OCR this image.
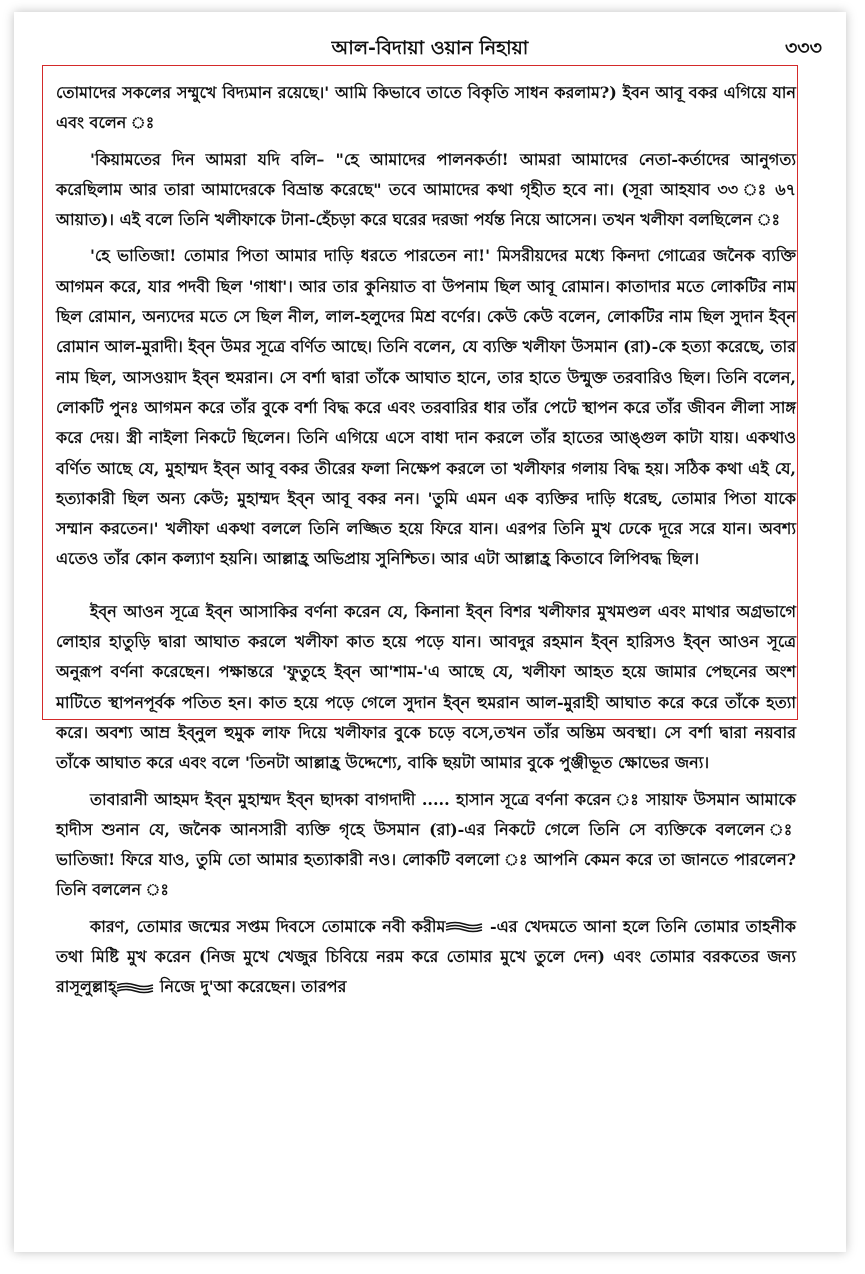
আল-বিদায়া ওয়ান নিহায়া	৩৩৩

তোমাদের সকলের সম্মুখে বিদ্যমান রয়েছে।' আমি কিভাবে তাতে বিকৃতি সাধন করলাম?) ইবন আবূ বকর এগিয়ে যান এবং বলেন ঃ

'কিয়ামতের দিন আমরা যদি বলি– "হে আমাদের পালনকর্তা! আমরা আমাদের নেতা-কর্তাদের আনুগত্য করেছিলাম আর তারা আমাদেরকে বিভ্রান্ত করেছে" তবে আমাদের কথা গৃহীত হবে না। (সূরা আহযাব ৩৩ ঃ ৬৭ আয়াত)। এই বলে তিনি খলীফাকে টানা-হেঁচড়া করে ঘরের দরজা পর্যন্ত নিয়ে আসেন। তখন খলীফা বলছিলেন ঃ

'হে ভাতিজা! তোমার পিতা আমার দাড়ি ধরতে পারতেন না!' মিসরীয়দের মধ্যে কিনদা গোত্রের জনৈক ব্যক্তি আগমন করে, যার পদবী ছিল 'গাধা'। আর তার কুনিয়াত বা উপনাম ছিল আবূ রোমান। কাতাদার মতে লোকটির নাম ছিল রোমান, অন্যদের মতে সে ছিল নীল, লাল-হলুদের মিশ্র বর্ণের। কেউ কেউ বলেন, লোকটির নাম ছিল সুদান ইব্ন রোমান আল-মুরাদী। ইব্ন উমর সূত্রে বর্ণিত আছে। তিনি বলেন, যে ব্যক্তি খলীফা উসমান (রা)-কে হত্যা করেছে, তার নাম ছিল, আসওয়াদ ইব্ন হুমরান। সে বর্শা দ্বারা তাঁকে আঘাত হানে, তার হাতে উন্মুক্ত তরবারিও ছিল। তিনি বলেন, লোকটি পুনঃ আগমন করে তাঁর বুকে বর্শা বিদ্ধ করে এবং তরবারির ধার তাঁর পেটে স্থাপন করে তাঁর জীবন লীলা সাঙ্গ করে দেয়। স্ত্রী নাইলা নিকটে ছিলেন। তিনি এগিয়ে এসে বাধা দান করলে তাঁর হাতের আঙ্গুল কাটা যায়। একথাও বর্ণিত আছে যে, মুহাম্মদ ইব্ন আবূ বকর তীরের ফলা নিক্ষেপ করলে তা খলীফার গলায় বিদ্ধ হয়। সঠিক কথা এই যে, হত্যাকারী ছিল অন্য কেউ; মুহাম্মদ ইব্ন আবূ বকর নন। 'তুমি এমন এক ব্যক্তির দাড়ি ধরেছ, তোমার পিতা যাকে সম্মান করতেন।' খলীফা একথা বললে তিনি লজ্জিত হয়ে ফিরে যান। এরপর তিনি মুখ ঢেকে দূরে সরে যান। অবশ্য এতেও তাঁর কোন কল্যাণ হয়নি। আল্লাহ্র অভিপ্রায় সুনিশ্চিত। আর এটা আল্লাহ্র কিতাবে লিপিবদ্ধ ছিল।

ইব্ন আওন সূত্রে ইব্ন আসাকির বর্ণনা করেন যে, কিনানা ইব্ন বিশর খলীফার মুখমণ্ডল এবং মাথার অগ্রভাগে লোহার হাতুড়ি দ্বারা আঘাত করলে খলীফা কাত হয়ে পড়ে যান। আবদুর রহমান ইব্ন হারিসও ইব্ন আওন সূত্রে অনুরূপ বর্ণনা করেছেন। পক্ষান্তরে 'ফুতুহে ইব্ন আ'শাম-'এ আছে যে, খলীফা আহত হয়ে জামার পেছনের অংশ মাটিতে স্থাপনপূর্বক পতিত হন। কাত হয়ে পড়ে গেলে সুদান ইব্ন হুমরান আল-মুরাহী আঘাত করে করে তাঁকে হত্যা করে। অবশ্য আম্র ইব্নুল হুমুক লাফ দিয়ে খলীফার বুকে চড়ে বসে,তখন তাঁর অন্তিম অবস্থা। সে বর্শা দ্বারা নয়বার তাঁকে আঘাত করে এবং বলে 'তিনটা আল্লাহ্র উদ্দেশ্যে, বাকি ছয়টা আমার বুকে পুঞ্জীভূত ক্ষোভের জন্য।

তাবারানী আহমদ ইব্ন মুহাম্মদ ইব্ন ছাদকা বাগদাদী ..... হাসান সূত্রে বর্ণনা করেন ঃ সায়াফ উসমান আমাকে হাদীস শুনান যে, জনৈক আনসারী ব্যক্তি গৃহে উসমান (রা)-এর নিকটে গেলে তিনি সে ব্যক্তিকে বললেন ঃ ভাতিজা! ফিরে যাও, তুমি তো আমার হত্যাকারী নও। লোকটি বললো ঃ আপনি কেমন করে তা জানতে পারলেন? তিনি বললেন ঃ

কারণ, তোমার জন্মের সপ্তম দিবসে তোমাকে নবী করীম
-এর খেদমতে আনা হলে তিনি তোমার তাহনীক তথা মিষ্টি মুখ করেন (নিজ মুখে খেজুর চিবিয়ে নরম করে তোমার মুখে তুলে দেন) এবং তোমার বরকতের জন্য রাসূলুল্লাহ্
নিজে দু'আ করেছেন। তারপর
